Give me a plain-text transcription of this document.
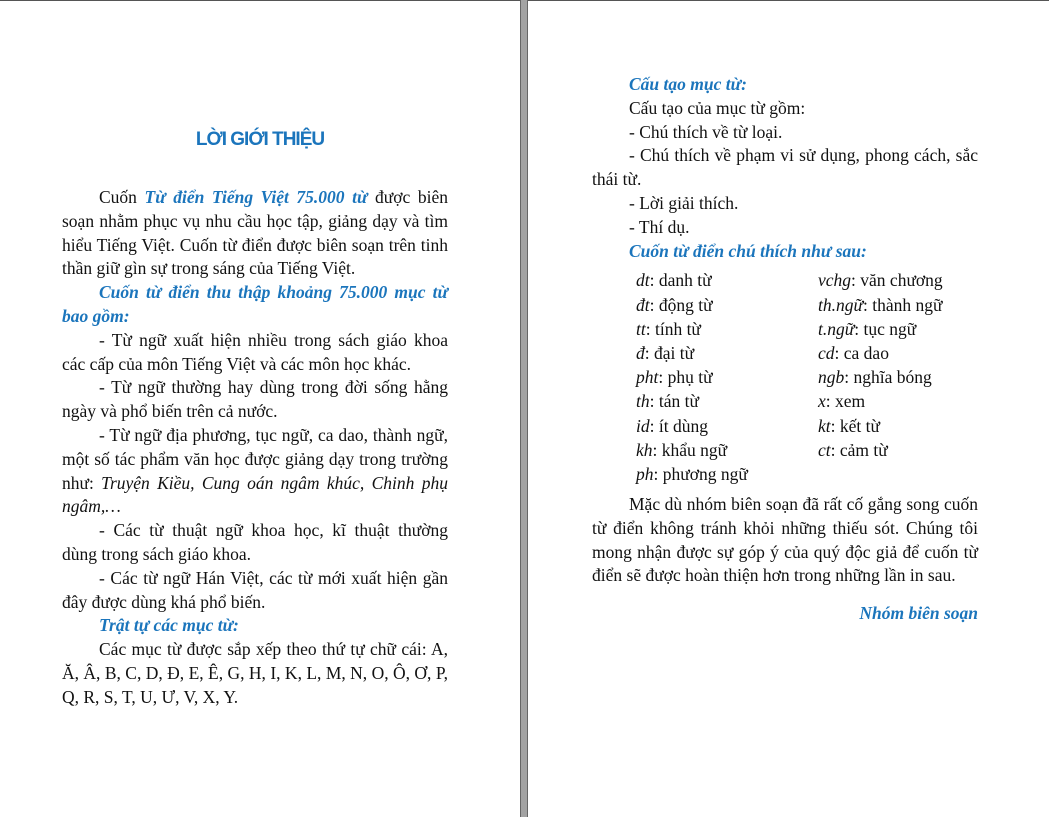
LỜI GIỚI THIỆU

Cuốn Từ điển Tiếng Việt 75.000 từ được biên soạn nhằm phục vụ nhu cầu học tập, giảng dạy và tìm hiểu Tiếng Việt. Cuốn từ điển được biên soạn trên tinh thần giữ gìn sự trong sáng của Tiếng Việt.

Cuốn từ điển thu thập khoảng 75.000 mục từ bao gồm:

- Từ ngữ xuất hiện nhiều trong sách giáo khoa các cấp của môn Tiếng Việt và các môn học khác.

- Từ ngữ thường hay dùng trong đời sống hằng ngày và phổ biến trên cả nước.

- Từ ngữ địa phương, tục ngữ, ca dao, thành ngữ, một số tác phẩm văn học được giảng dạy trong trường như: Truyện Kiều, Cung oán ngâm khúc, Chinh phụ ngâm,…

- Các từ thuật ngữ khoa học, kĩ thuật thường dùng trong sách giáo khoa.

- Các từ ngữ Hán Việt, các từ mới xuất hiện gần đây được dùng khá phổ biến.

Trật tự các mục từ:

Các mục từ được sắp xếp theo thứ tự chữ cái: A, Ă, Â, B, C, D, Đ, E, Ê, G, H, I, K, L, M, N, O, Ô, Ơ, P, Q, R, S, T, U, Ư, V, X, Y.

Cấu tạo mục từ:

Cấu tạo của mục từ gồm:

- Chú thích về từ loại.

- Chú thích về phạm vi sử dụng, phong cách, sắc thái từ.

- Lời giải thích.

- Thí dụ.

Cuốn từ điển chú thích như sau:

dt: danh từ	vchg: văn chương
đt: động từ	th.ngữ: thành ngữ
tt: tính từ	t.ngữ: tục ngữ
đ: đại từ	cd: ca dao
pht: phụ từ	ngb: nghĩa bóng
th: tán từ	x: xem
id: ít dùng	kt: kết từ
kh: khẩu ngữ	ct: cảm từ
ph: phương ngữ	

Mặc dù nhóm biên soạn đã rất cố gắng song cuốn từ điển không tránh khỏi những thiếu sót. Chúng tôi mong nhận được sự góp ý của quý độc giả để cuốn từ điển sẽ được hoàn thiện hơn trong những lần in sau.

Nhóm biên soạn
